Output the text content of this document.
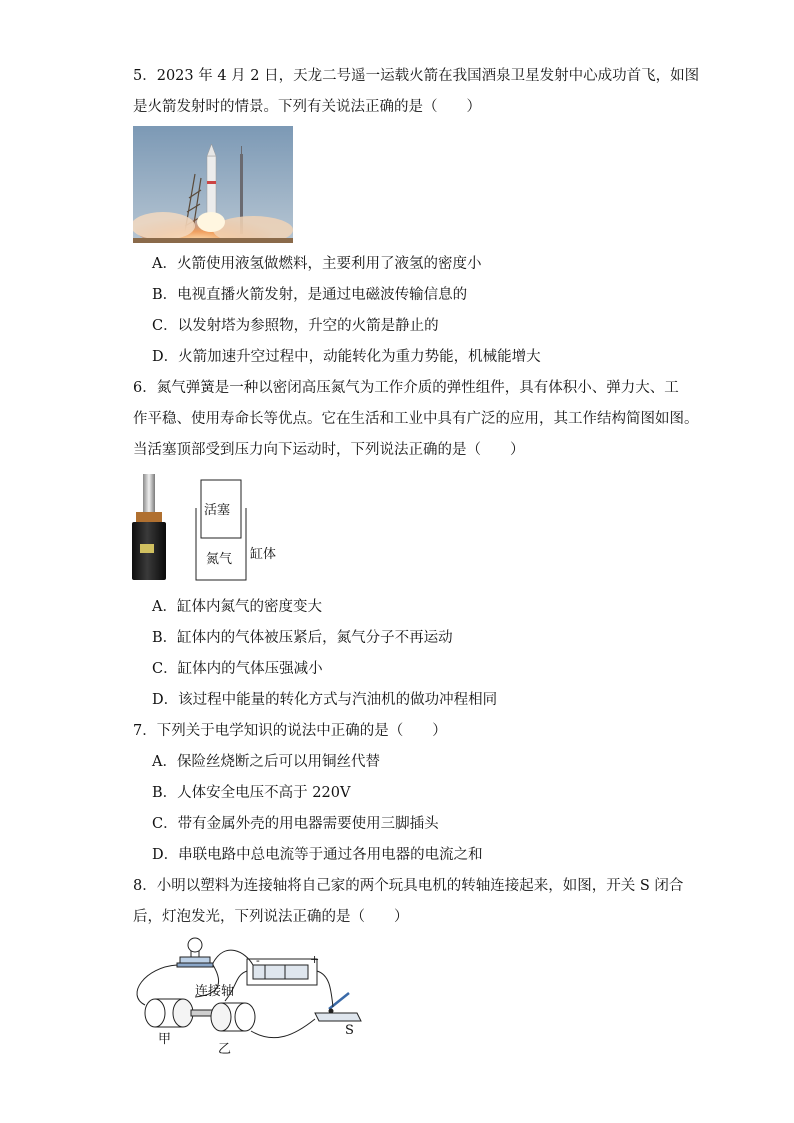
5．2023 年 4 月 2 日，天龙二号遥一运载火箭在我国酒泉卫星发射中心成功首飞，如图
是火箭发射时的情景。下列有关说法正确的是（　　）
A．火箭使用液氢做燃料，主要利用了液氢的密度小
B．电视直播火箭发射，是通过电磁波传输信息的
C．以发射塔为参照物，升空的火箭是静止的
D．火箭加速升空过程中，动能转化为重力势能，机械能增大
6．氮气弹簧是一种以密闭高压氮气为工作介质的弹性组件，具有体积小、弹力大、工
作平稳、使用寿命长等优点。它在生活和工业中具有广泛的应用，其工作结构简图如图。
当活塞顶部受到压力向下运动时，下列说法正确的是（　　）
活塞
氮气 缸体
A．缸体内氮气的密度变大
B．缸体内的气体被压紧后，氮气分子不再运动
C．缸体内的气体压强减小
D．该过程中能量的转化方式与汽油机的做功冲程相同
7．下列关于电学知识的说法中正确的是（　　）
A．保险丝烧断之后可以用铜丝代替
B．人体安全电压不高于 220V
C．带有金属外壳的用电器需要使用三脚插头
D．串联电路中总电流等于通过各用电器的电流之和
8．小明以塑料为连接轴将自己家的两个玩具电机的转轴连接起来，如图，开关 S 闭合
后，灯泡发光，下列说法正确的是（　　）
连接轴
甲
乙
S
-	+
